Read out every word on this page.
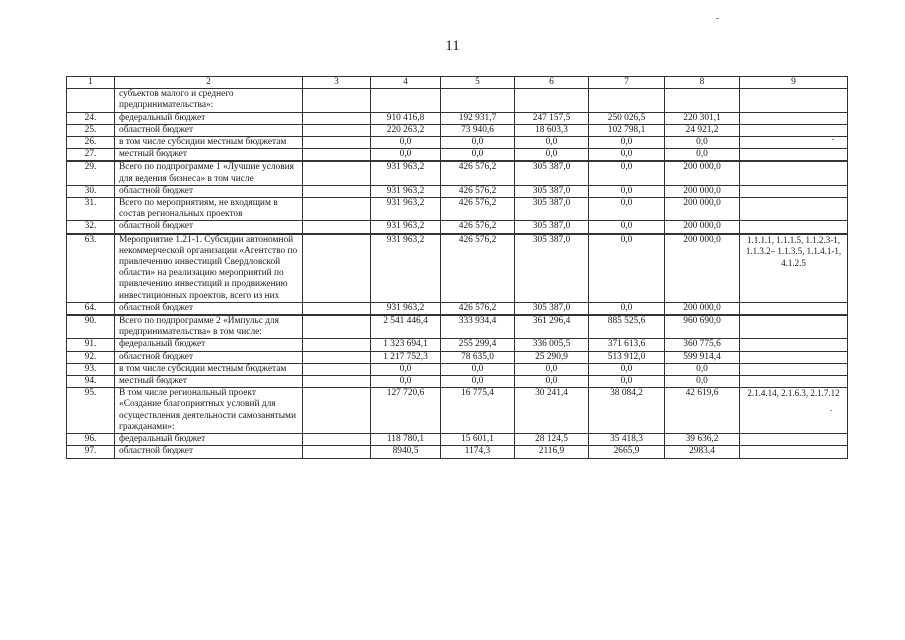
11
1	2	3	4	5	6	7	8	9
	субъектов малого и среднего предпринимательства»:							
24.	федеральный бюджет		910 416,8	192 931,7	247 157,5	250 026,5	220 301,1	
25.	областной бюджет		220 263,2	73 940,6	18 603,3	102 798,1	24 921,2	
26.	в том числе субсидии местным бюджетам		0,0	0,0	0,0	0,0	0,0	
27.	местный бюджет		0,0	0,0	0,0	0,0	0,0	
29.	Всего по подпрограмме 1 «Лучшие условия для ведения бизнеса» в том числе		931 963,2	426 576,2	305 387,0	0,0	200 000,0	
30.	областной бюджет		931 963,2	426 576,2	305 387,0	0,0	200 000,0	
31.	Всего по мероприятиям, не входящим в состав региональных проектов		931 963,2	426 576,2	305 387,0	0,0	200 000,0	
32.	областной бюджет		931 963,2	426 576,2	305 387,0	0,0	200 000,0	
63.	Мероприятие 1.21-1. Субсидии автономной некоммерческой организации «Агентство по привлечению инвестиций Свердловской области» на реализацию мероприятий по привлечению инвестиций и продвижению инвестиционных проектов, всего из них		931 963,2	426 576,2	305 387,0	0,0	200 000,0	1.1.1.1, 1.1.1.5, 1.1.2.3-1, 1.1.3.2– 1.1.3.5, 1.1.4.1-1, 4.1.2.5
64.	областной бюджет		931 963,2	426 576,2	305 387,0	0,0	200 000,0	
90.	Всего по подпрограмме 2 «Импульс для предпринимательства» в том числе:		2 541 446,4	333 934,4	361 296,4	885 525,6	960 690,0	
91.	федеральный бюджет		1 323 694,1	255 299,4	336 005,5	371 613,6	360 775,6	
92.	областной бюджет		1 217 752,3	78 635,0	25 290,9	513 912,0	599 914,4	
93.	в том числе субсидии местным бюджетам		0,0	0,0	0,0	0,0	0,0	
94.	местный бюджет		0,0	0,0	0,0	0,0	0,0	
95.	В том числе региональный проект «Создание благоприятных условий для осуществления деятельности самозанятыми гражданами»:		127 720,6	16 775,4	30 241,4	38 084,2	42 619,6	2.1.4.14, 2.1.6.3, 2.1.7.12
96.	федеральный бюджет		118 780,1	15 601,1	28 124,5	35 418,3	39 636,2	
97.	областной бюджет		8940,5	1174,3	2116,9	2665,9	2983,4	
